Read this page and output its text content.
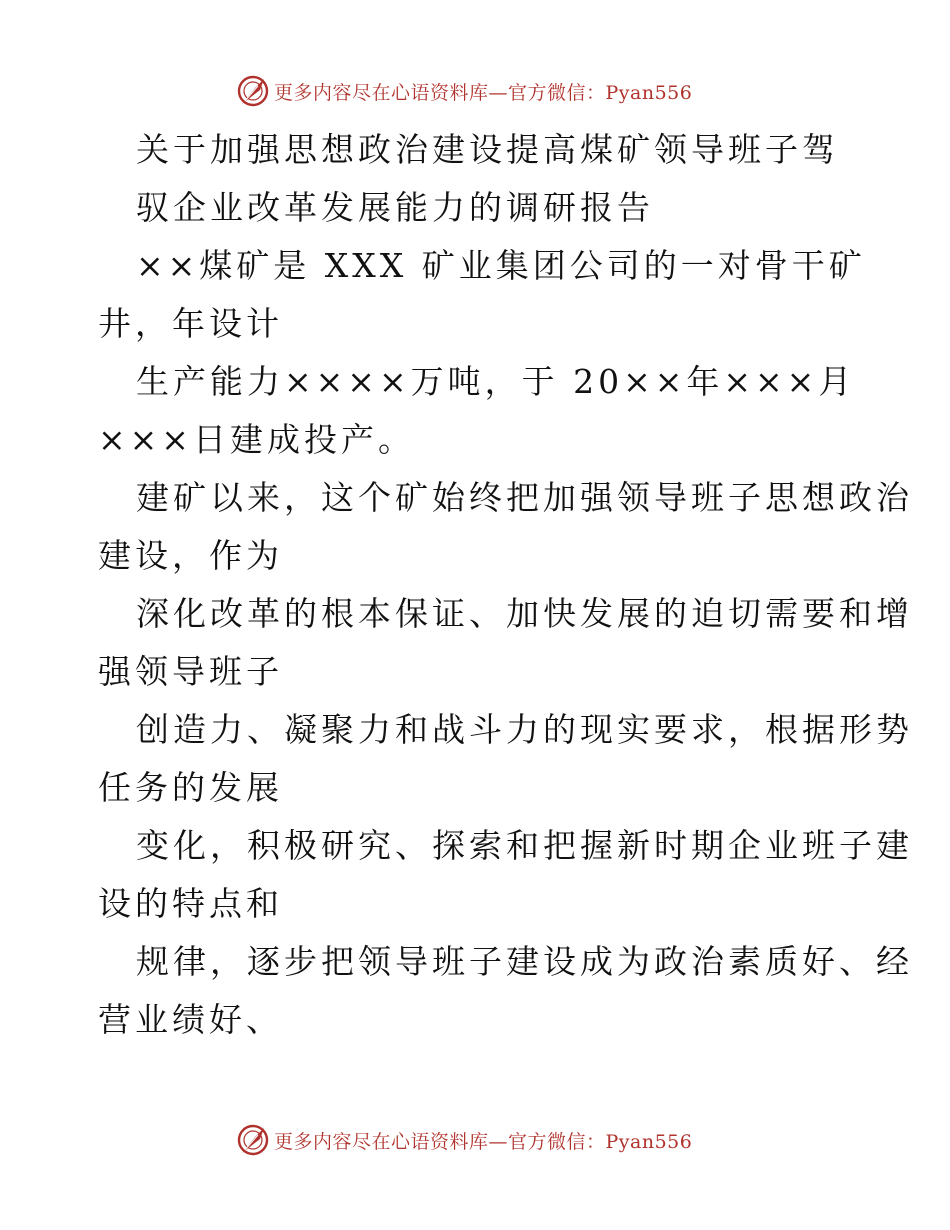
更多内容尽在心语资料库—官方微信：Pyan556
关于加强思想政治建设提高煤矿领导班子驾
驭企业改革发展能力的调研报告
××煤矿是 XXX 矿业集团公司的一对骨干矿
井，年设计
生产能力××××万吨，于 20××年×××月
×××日建成投产。
建矿以来，这个矿始终把加强领导班子思想政治
建设，作为
深化改革的根本保证、加快发展的迫切需要和增
强领导班子
创造力、凝聚力和战斗力的现实要求，根据形势
任务的发展
变化，积极研究、探索和把握新时期企业班子建
设的特点和
规律，逐步把领导班子建设成为政治素质好、经
营业绩好、
更多内容尽在心语资料库—官方微信：Pyan556
